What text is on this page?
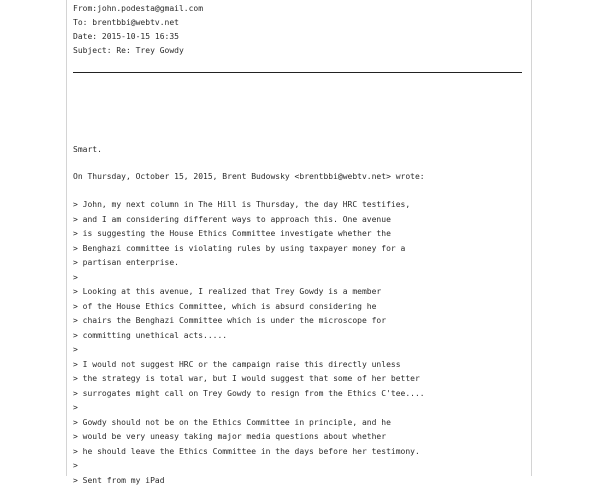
From:john.podesta@gmail.com
To: brentbbi@webtv.net
Date: 2015-10-15 16:35
Subject: Re: Trey Gowdy
Smart.
On Thursday, October 15, 2015, Brent Budowsky <brentbbi@webtv.net> wrote:
> John, my next column in The Hill is Thursday, the day HRC testifies,
> and I am considering different ways to approach this. One avenue
> is suggesting the House Ethics Committee investigate whether the
> Benghazi committee is violating rules by using taxpayer money for a
> partisan enterprise.
>
> Looking at this avenue, I realized that Trey Gowdy is a member
> of the House Ethics Committee, which is absurd considering he
> chairs the Benghazi Committee which is under the microscope for
> committing unethical acts.....
>
> I would not suggest HRC or the campaign raise this directly unless
> the strategy is total war, but I would suggest that some of her better
> surrogates might call on Trey Gowdy to resign from the Ethics C'tee....
>
> Gowdy should not be on the Ethics Committee in principle, and he
> would be very uneasy taking major media questions about whether
> he should leave the Ethics Committee in the days before her testimony.
>
> Sent from my iPad
